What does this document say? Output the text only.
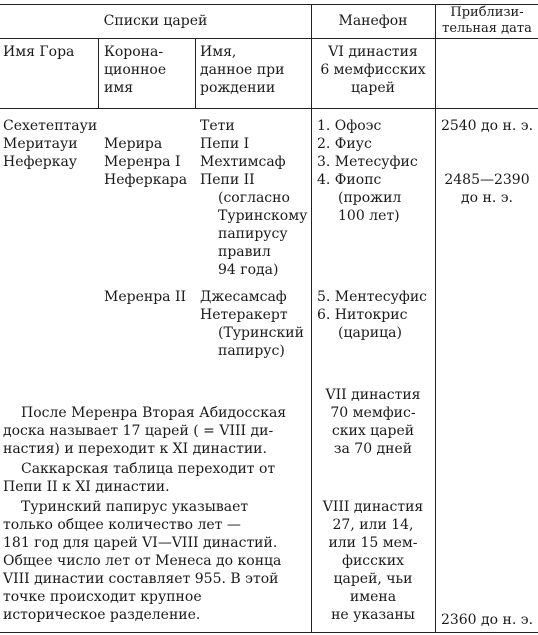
Списки царей	Манефон
Приблизи-
тельная дата
Имя Гора Корона-
ционное
имя
Имя,
данное при
рождении
VI династия
6 мемфисских
царей
Сехетептауи
Меритауи
Неферкау
Мерира
Меренра I
Неферкара
Тети
Пепи I
Мехтимсаф
Пепи II
(согласно
Туринскому
папирусу
правил
94 года)
1. Офоэс
2. Фиус
3. Метесуфис
4. Фиопс
(прожил
100 лет)
2540 до н. э.
2485—2390
до н. э.
2360 до н. э.
Меренра II Джесамсаф
Нетеракерт
(Туринский
папирус)
5. Ментесуфис
6. Нитокрис
(царица)
VII династия
70 мемфис-
ских царей
за 70 дней
VIII династия
27, или 14,
или 15 мем-
фисских
царей, чьи
имена
не указаны
После Меренра Вторая Абидосская
доска называет 17 царей ( = VIII ди-
настия) и переходит к XI династии.
Саккарская таблица переходит от
Пепи II к XI династии.
Туринский папирус указывает
только общее количество лет —
181 год для царей VI—VIII династий.
Общее число лет от Менеса до конца
VIII династии составляет 955. В этой
точке происходит крупное
историческое разделение.
